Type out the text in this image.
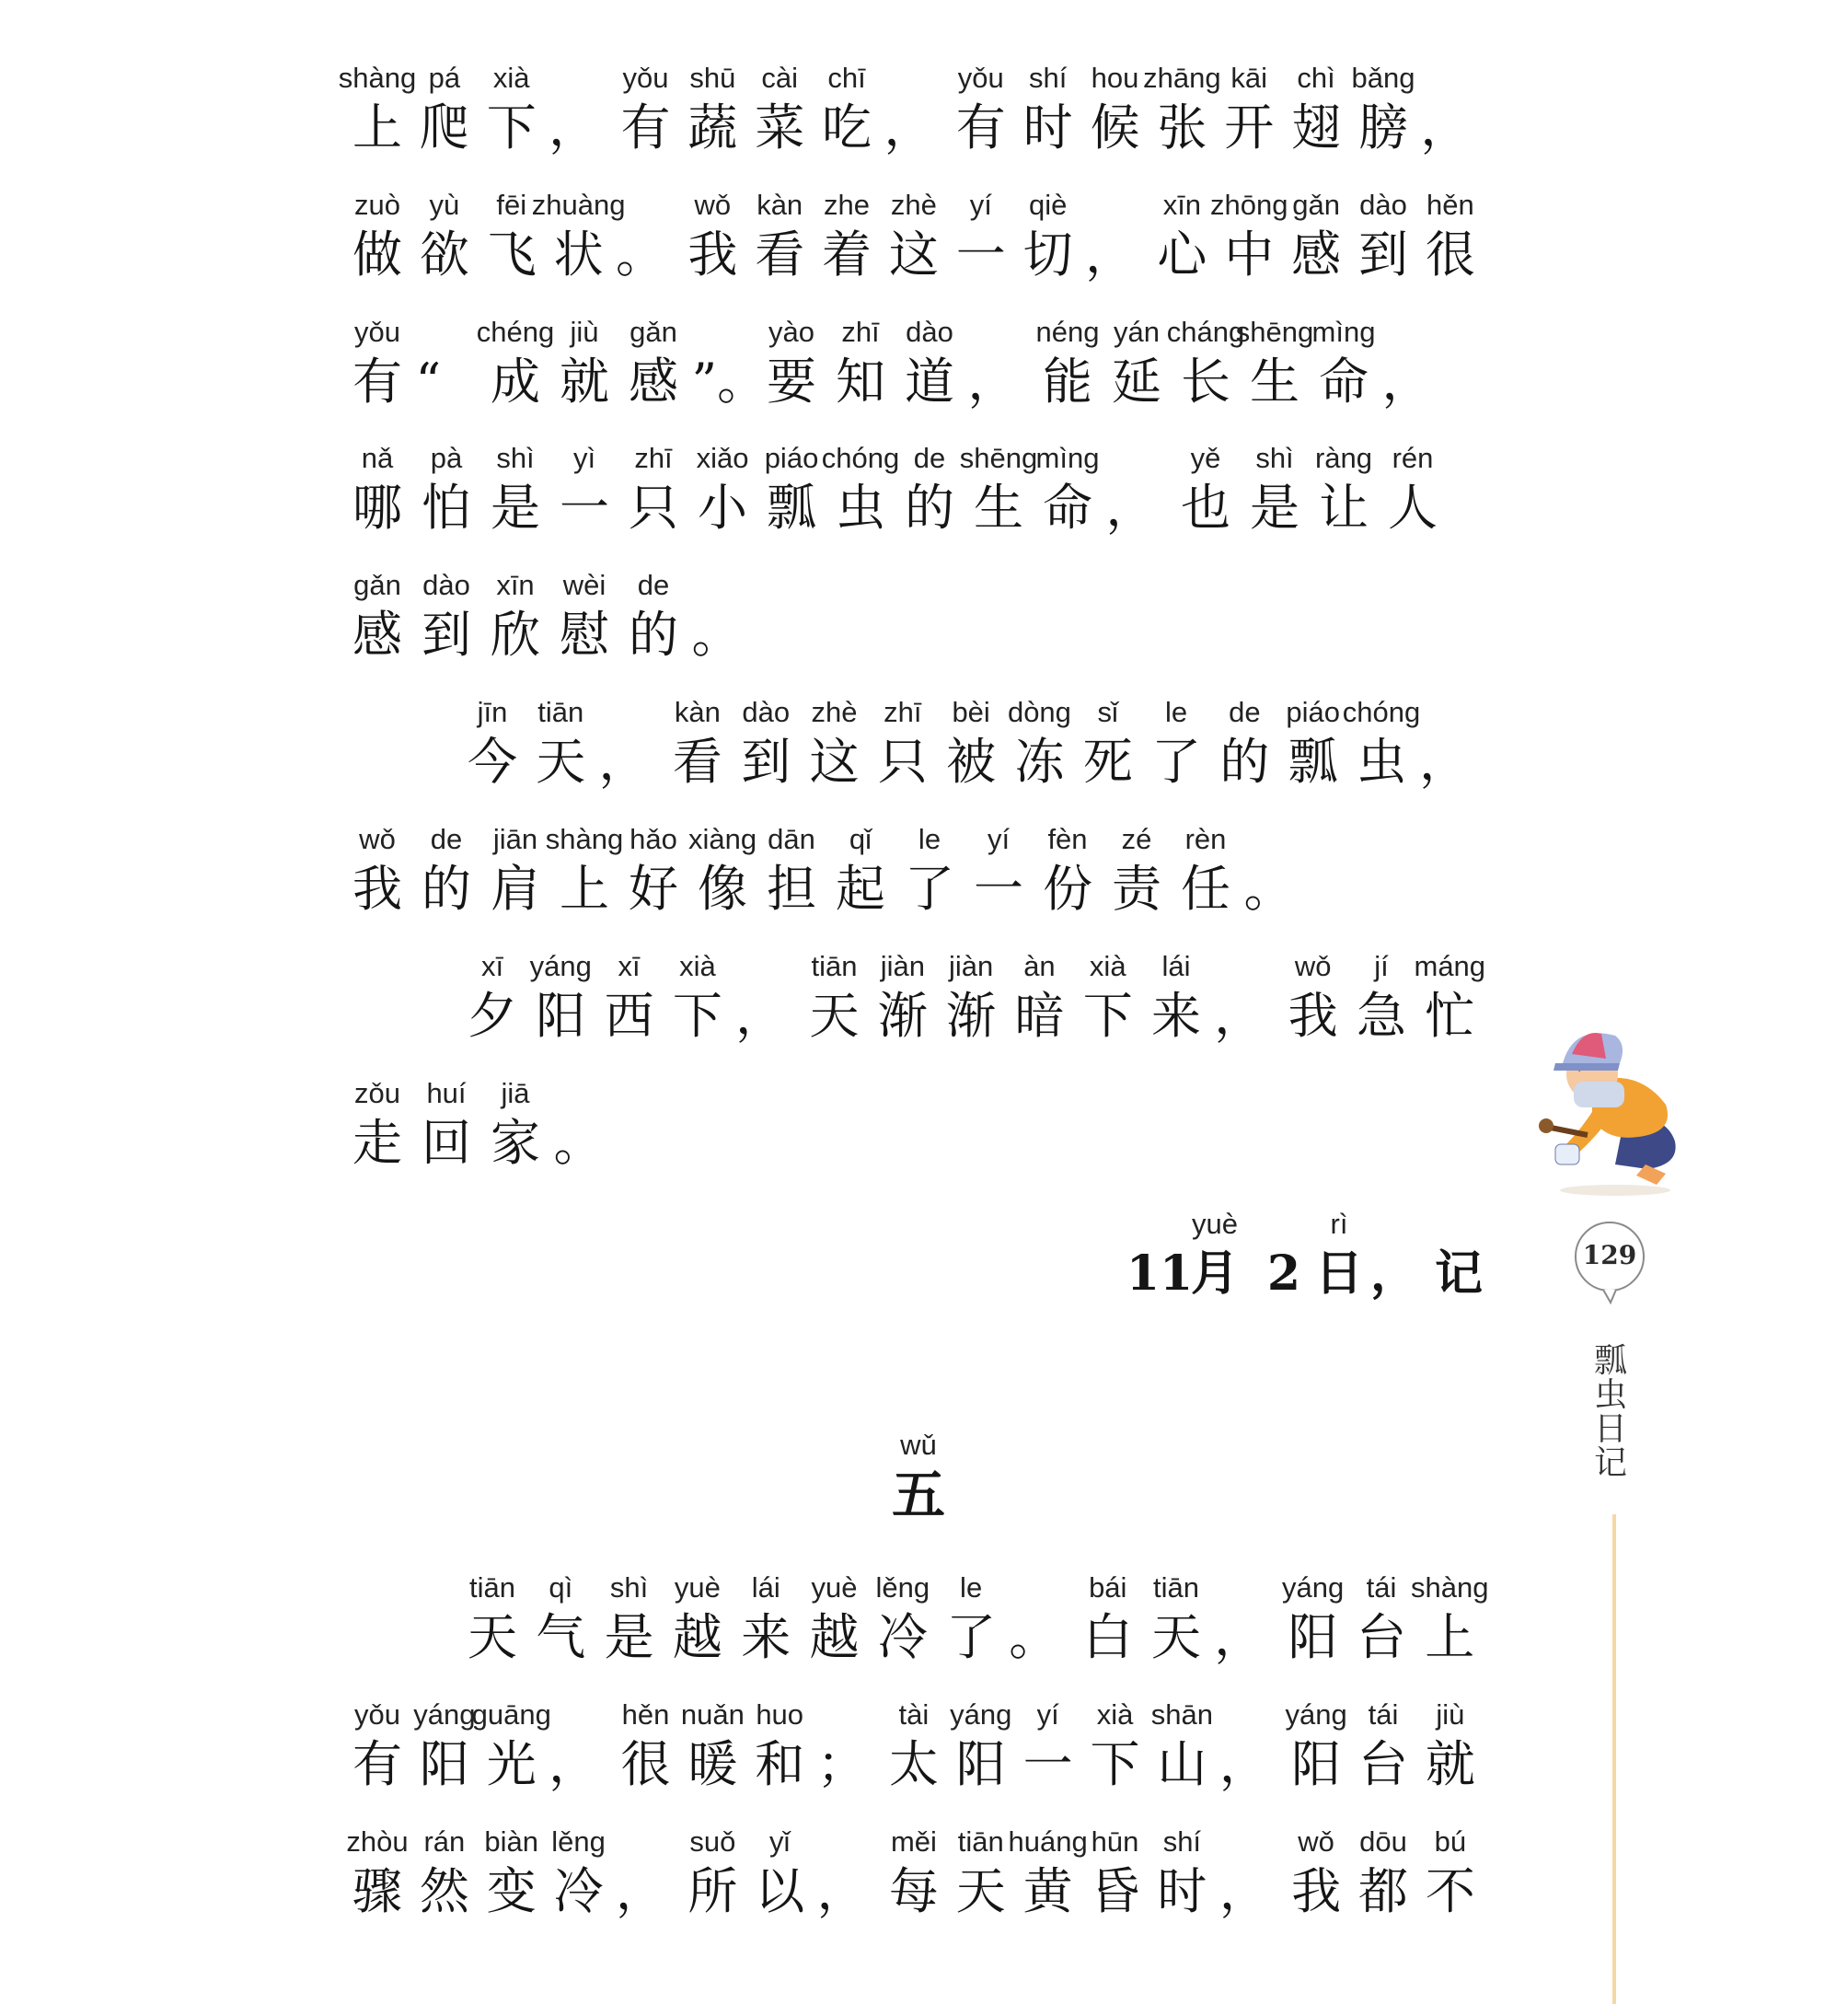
上
shàng
爬
pá
下
xià
， 有
yǒu
蔬
shū
菜
cài
吃
chī
， 有
yǒu
时
shí
候
hou
张
zhāng
开
kāi
翅
chì
膀
bǎng
，
做
zuò
欲
yù
飞
fēi
状
zhuàng
。 我
wǒ
看
kàn
着
zhe
这
zhè
一
yí
切
qiè
， 心
xīn
中
zhōng
感
gǎn
到
dào
很
hěn
有
yǒu
“ 成
chéng
就
jiù
感
gǎn
”。 要
yào
知
zhī
道
dào
， 能
néng
延
yán
长
cháng
生
shēng
命
mìng
，
哪
nǎ
怕
pà
是
shì
一
yì
只
zhī
小
xiǎo
瓢
piáo
虫
chóng
的
de
生
shēng
命
mìng
， 也
yě
是
shì
让
ràng
人
rén
感
gǎn
到
dào
欣
xīn
慰
wèi
的
de
。
今
jīn
天
tiān
， 看
kàn
到
dào
这
zhè
只
zhī
被
bèi
冻
dòng
死
sǐ
了
le
的
de
瓢
piáo
虫
chóng
，
我
wǒ
的
de
肩
jiān
上
shàng
好
hǎo
像
xiàng
担
dān
起
qǐ
了
le
一
yí
份
fèn
责
zé
任
rèn
。
夕
xī
阳
yáng
西
xī
下
xià
， 天
tiān
渐
jiàn
渐
jiàn
暗
àn
下
xià
来
lái
， 我
wǒ
急
jí
忙
máng
走
zǒu
回
huí
家
jiā
。
天
tiān
气
qì
是
shì
越
yuè
来
lái
越
yuè
冷
lěng
了
le
。 白
bái
天
tiān
， 阳
yáng
台
tái
上
shàng
有
yǒu
阳
yáng
光
guāng
， 很
hěn
暖
nuǎn
和
huo
； 太
tài
阳
yáng
一
yí
下
xià
山
shān
， 阳
yáng
台
tái
就
jiù
骤
zhòu
然
rán
变
biàn
冷
lěng
， 所
suǒ
以
yǐ
， 每
měi
天
tiān
黄
huáng
昏
hūn
时
shí
， 我
wǒ
都
dōu
不
bú
11
月
yuè
2 日
rì
， 记
wǔ
五
129
瓢虫日记
